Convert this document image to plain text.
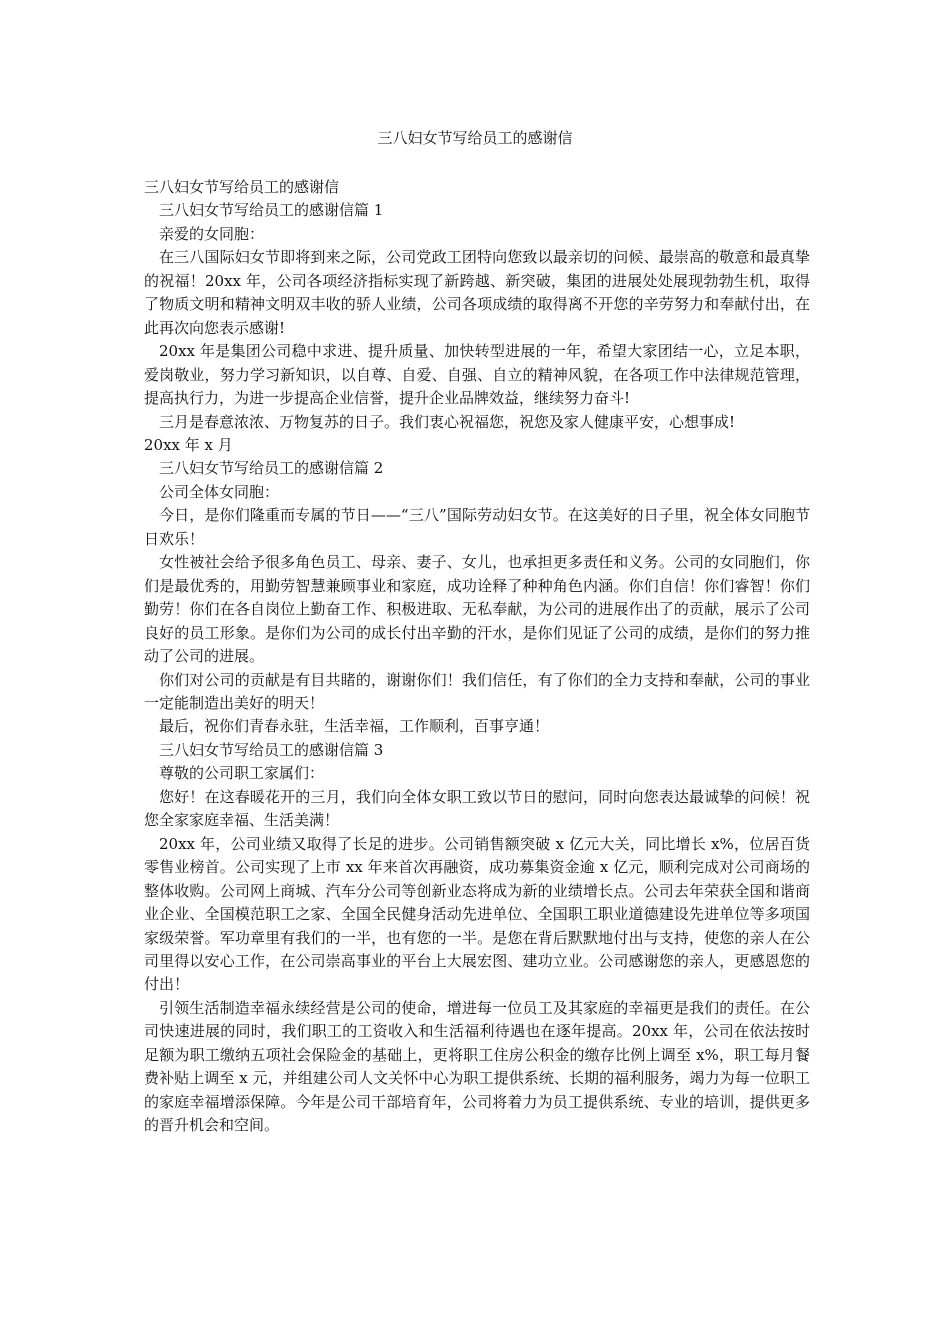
三八妇女节写给员工的感谢信

三八妇女节写给员工的感谢信

三八妇女节写给员工的感谢信篇 1

亲爱的女同胞：

在三八国际妇女节即将到来之际，公司党政工团特向您致以最亲切的问候、最崇高的敬意和最真挚的祝福！20xx 年，公司各项经济指标实现了新跨越、新突破，集团的进展处处展现勃勃生机，取得了物质文明和精神文明双丰收的骄人业绩，公司各项成绩的取得离不开您的辛劳努力和奉献付出，在此再次向您表示感谢!

20xx 年是集团公司稳中求进、提升质量、加快转型进展的一年，希望大家团结一心，立足本职，爱岗敬业，努力学习新知识，以自尊、自爱、自强、自立的精神风貌，在各项工作中法律规范管理，提高执行力，为进一步提高企业信誉，提升企业品牌效益，继续努力奋斗!

三月是春意浓浓、万物复苏的日子。我们衷心祝福您，祝您及家人健康平安，心想事成!

20xx 年 x 月

三八妇女节写给员工的感谢信篇 2

公司全体女同胞：

今日，是你们隆重而专属的节日——“三八”国际劳动妇女节。在这美好的日子里，祝全体女同胞节日欢乐！

女性被社会给予很多角色员工、母亲、妻子、女儿，也承担更多责任和义务。公司的女同胞们，你们是最优秀的，用勤劳智慧兼顾事业和家庭，成功诠释了种种角色内涵。你们自信！你们睿智！你们勤劳！你们在各自岗位上勤奋工作、积极进取、无私奉献，为公司的进展作出了的贡献，展示了公司良好的员工形象。是你们为公司的成长付出辛勤的汗水，是你们见证了公司的成绩，是你们的努力推动了公司的进展。

你们对公司的贡献是有目共睹的，谢谢你们！我们信任，有了你们的全力支持和奉献，公司的事业一定能制造出美好的明天！

最后，祝你们青春永驻，生活幸福，工作顺利，百事亨通！

三八妇女节写给员工的感谢信篇 3

尊敬的公司职工家属们：

您好！在这春暖花开的三月，我们向全体女职工致以节日的慰问，同时向您表达最诚挚的问候！祝您全家家庭幸福、生活美满！

20xx 年，公司业绩又取得了长足的进步。公司销售额突破 x 亿元大关，同比增长 x%，位居百货零售业榜首。公司实现了上市 xx 年来首次再融资，成功募集资金逾 x 亿元，顺利完成对公司商场的整体收购。公司网上商城、汽车分公司等创新业态将成为新的业绩增长点。公司去年荣获全国和谐商业企业、全国模范职工之家、全国全民健身活动先进单位、全国职工职业道德建设先进单位等多项国家级荣誉。军功章里有我们的一半，也有您的一半。是您在背后默默地付出与支持，使您的亲人在公司里得以安心工作，在公司崇高事业的平台上大展宏图、建功立业。公司感谢您的亲人，更感恩您的付出！

引领生活制造幸福永续经营是公司的使命，增进每一位员工及其家庭的幸福更是我们的责任。在公司快速进展的同时，我们职工的工资收入和生活福利待遇也在逐年提高。20xx 年，公司在依法按时足额为职工缴纳五项社会保险金的基础上，更将职工住房公积金的缴存比例上调至 x%，职工每月餐费补贴上调至 x 元，并组建公司人文关怀中心为职工提供系统、长期的福利服务，竭力为每一位职工的家庭幸福增添保障。今年是公司干部培育年，公司将着力为员工提供系统、专业的培训，提供更多的晋升机会和空间。
